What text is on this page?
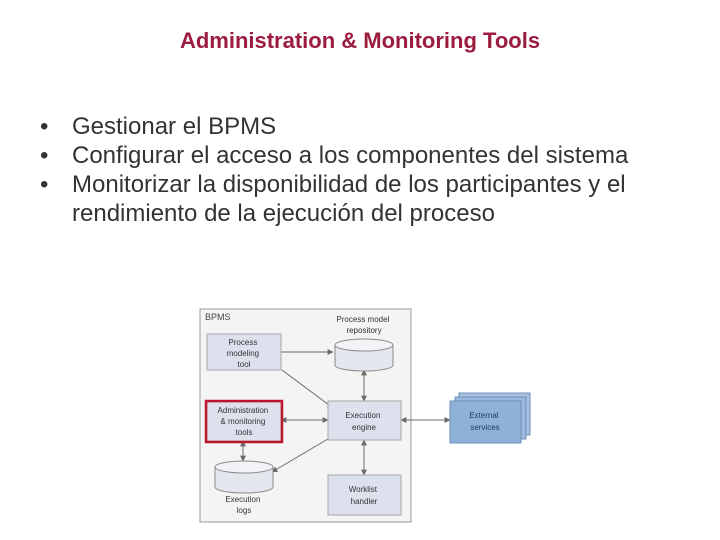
Administration & Monitoring Tools
• Gestionar el BPMS
• Configurar el acceso a los componentes del sistema
• Monitorizar la disponibilidad de los participantes y el rendimiento de la ejecución del proceso
BPMS
Process modeling tool
Process model repository
Administration & monitoring tools
Execution engine
Execution logs
Worklist handler
External services
